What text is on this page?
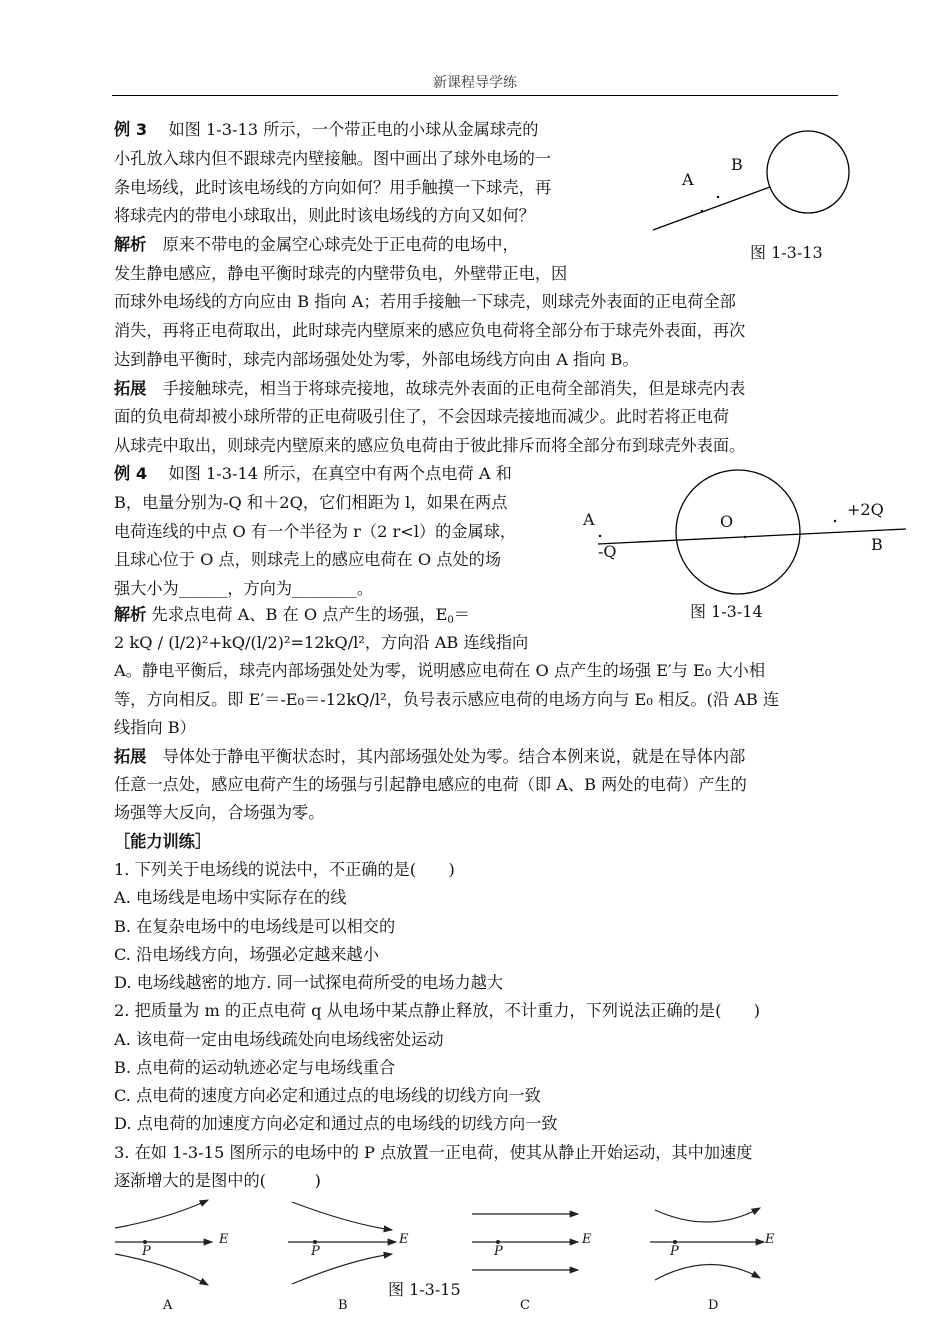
新课程导学练
例 3　 如图 1-3-13 所示，一个带正电的小球从金属球壳的
小孔放入球内但不跟球壳内壁接触。图中画出了球外电场的一
条电场线，此时该电场线的方向如何？用手触摸一下球壳，再
将球壳内的带电小球取出，则此时该电场线的方向又如何？
解析　 原来不带电的金属空心球壳处于正电荷的电场中，
发生静电感应，静电平衡时球壳的内壁带负电，外壁带正电，因
而球外电场线的方向应由 B 指向 A；若用手接触一下球壳，则球壳外表面的正电荷全部
消失，再将正电荷取出，此时球壳内壁原来的感应负电荷将全部分布于球壳外表面，再次
达到静电平衡时，球壳内部场强处处为零，外部电场线方向由 A 指向 B。
拓展　 手接触球壳，相当于将球壳接地，故球壳外表面的正电荷全部消失，但是球壳内表
面的负电荷却被小球所带的正电荷吸引住了，不会因球壳接地而减少。此时若将正电荷
从球壳中取出，则球壳内壁原来的感应负电荷由于彼此排斥而将全部分布到球壳外表面。
A
B
图 1-3-13
例 4　 如图 1-3-14 所示，在真空中有两个点电荷 A 和
B，电量分别为-Q 和＋2Q，它们相距为 l，如果在两点
电荷连线的中点 O 有一个半径为 r（2 r<l）的金属球，
且球心位于 O 点，则球壳上的感应电荷在 O 点处的场
强大小为______，方向为________。
解析 先求点电荷 A、B 在 O 点产生的场强，$E_0=$
2 kQ / (l/2)²+kQ/(l/2)²=12kQ/l²，方向沿 AB 连线指向
A。静电平衡后，球壳内部场强处处为零，说明感应电荷在 O 点产生的场强 E′与 E₀ 大小相
等，方向相反。即 E′＝-E₀＝-12kQ/l²，负号表示感应电荷的电场方向与 E₀ 相反。(沿 AB 连
线指向 B）
拓展　 导体处于静电平衡状态时，其内部场强处处为零。结合本例来说，就是在导体内部
任意一点处，感应电荷产生的场强与引起静电感应的电荷（即 A、B 两处的电荷）产生的
场强等大反向，合场强为零。
A
-Q
O
+2Q
B
图 1-3-14
［能力训练］
1. 下列关于电场线的说法中，不正确的是(　　)
A. 电场线是电场中实际存在的线
B. 在复杂电场中的电场线是可以相交的
C. 沿电场线方向，场强必定越来越小
D. 电场线越密的地方. 同一试探电荷所受的电场力越大
2. 把质量为 m 的正点电荷 q 从电场中某点静止释放，不计重力，下列说法正确的是(　　)
A. 该电荷一定由电场线疏处向电场线密处运动
B. 点电荷的运动轨迹必定与电场线重合
C. 点电荷的速度方向必定和通过点的电场线的切线方向一致
D. 点电荷的加速度方向必定和通过点的电场线的切线方向一致
3. 在如 1-3-15 图所示的电场中的 P 点放置一正电荷，使其从静止开始运动，其中加速度
逐渐增大的是图中的(　　　)
P
E
P
E
P
E
P
E
图 1-3-15
A	B	C	D
